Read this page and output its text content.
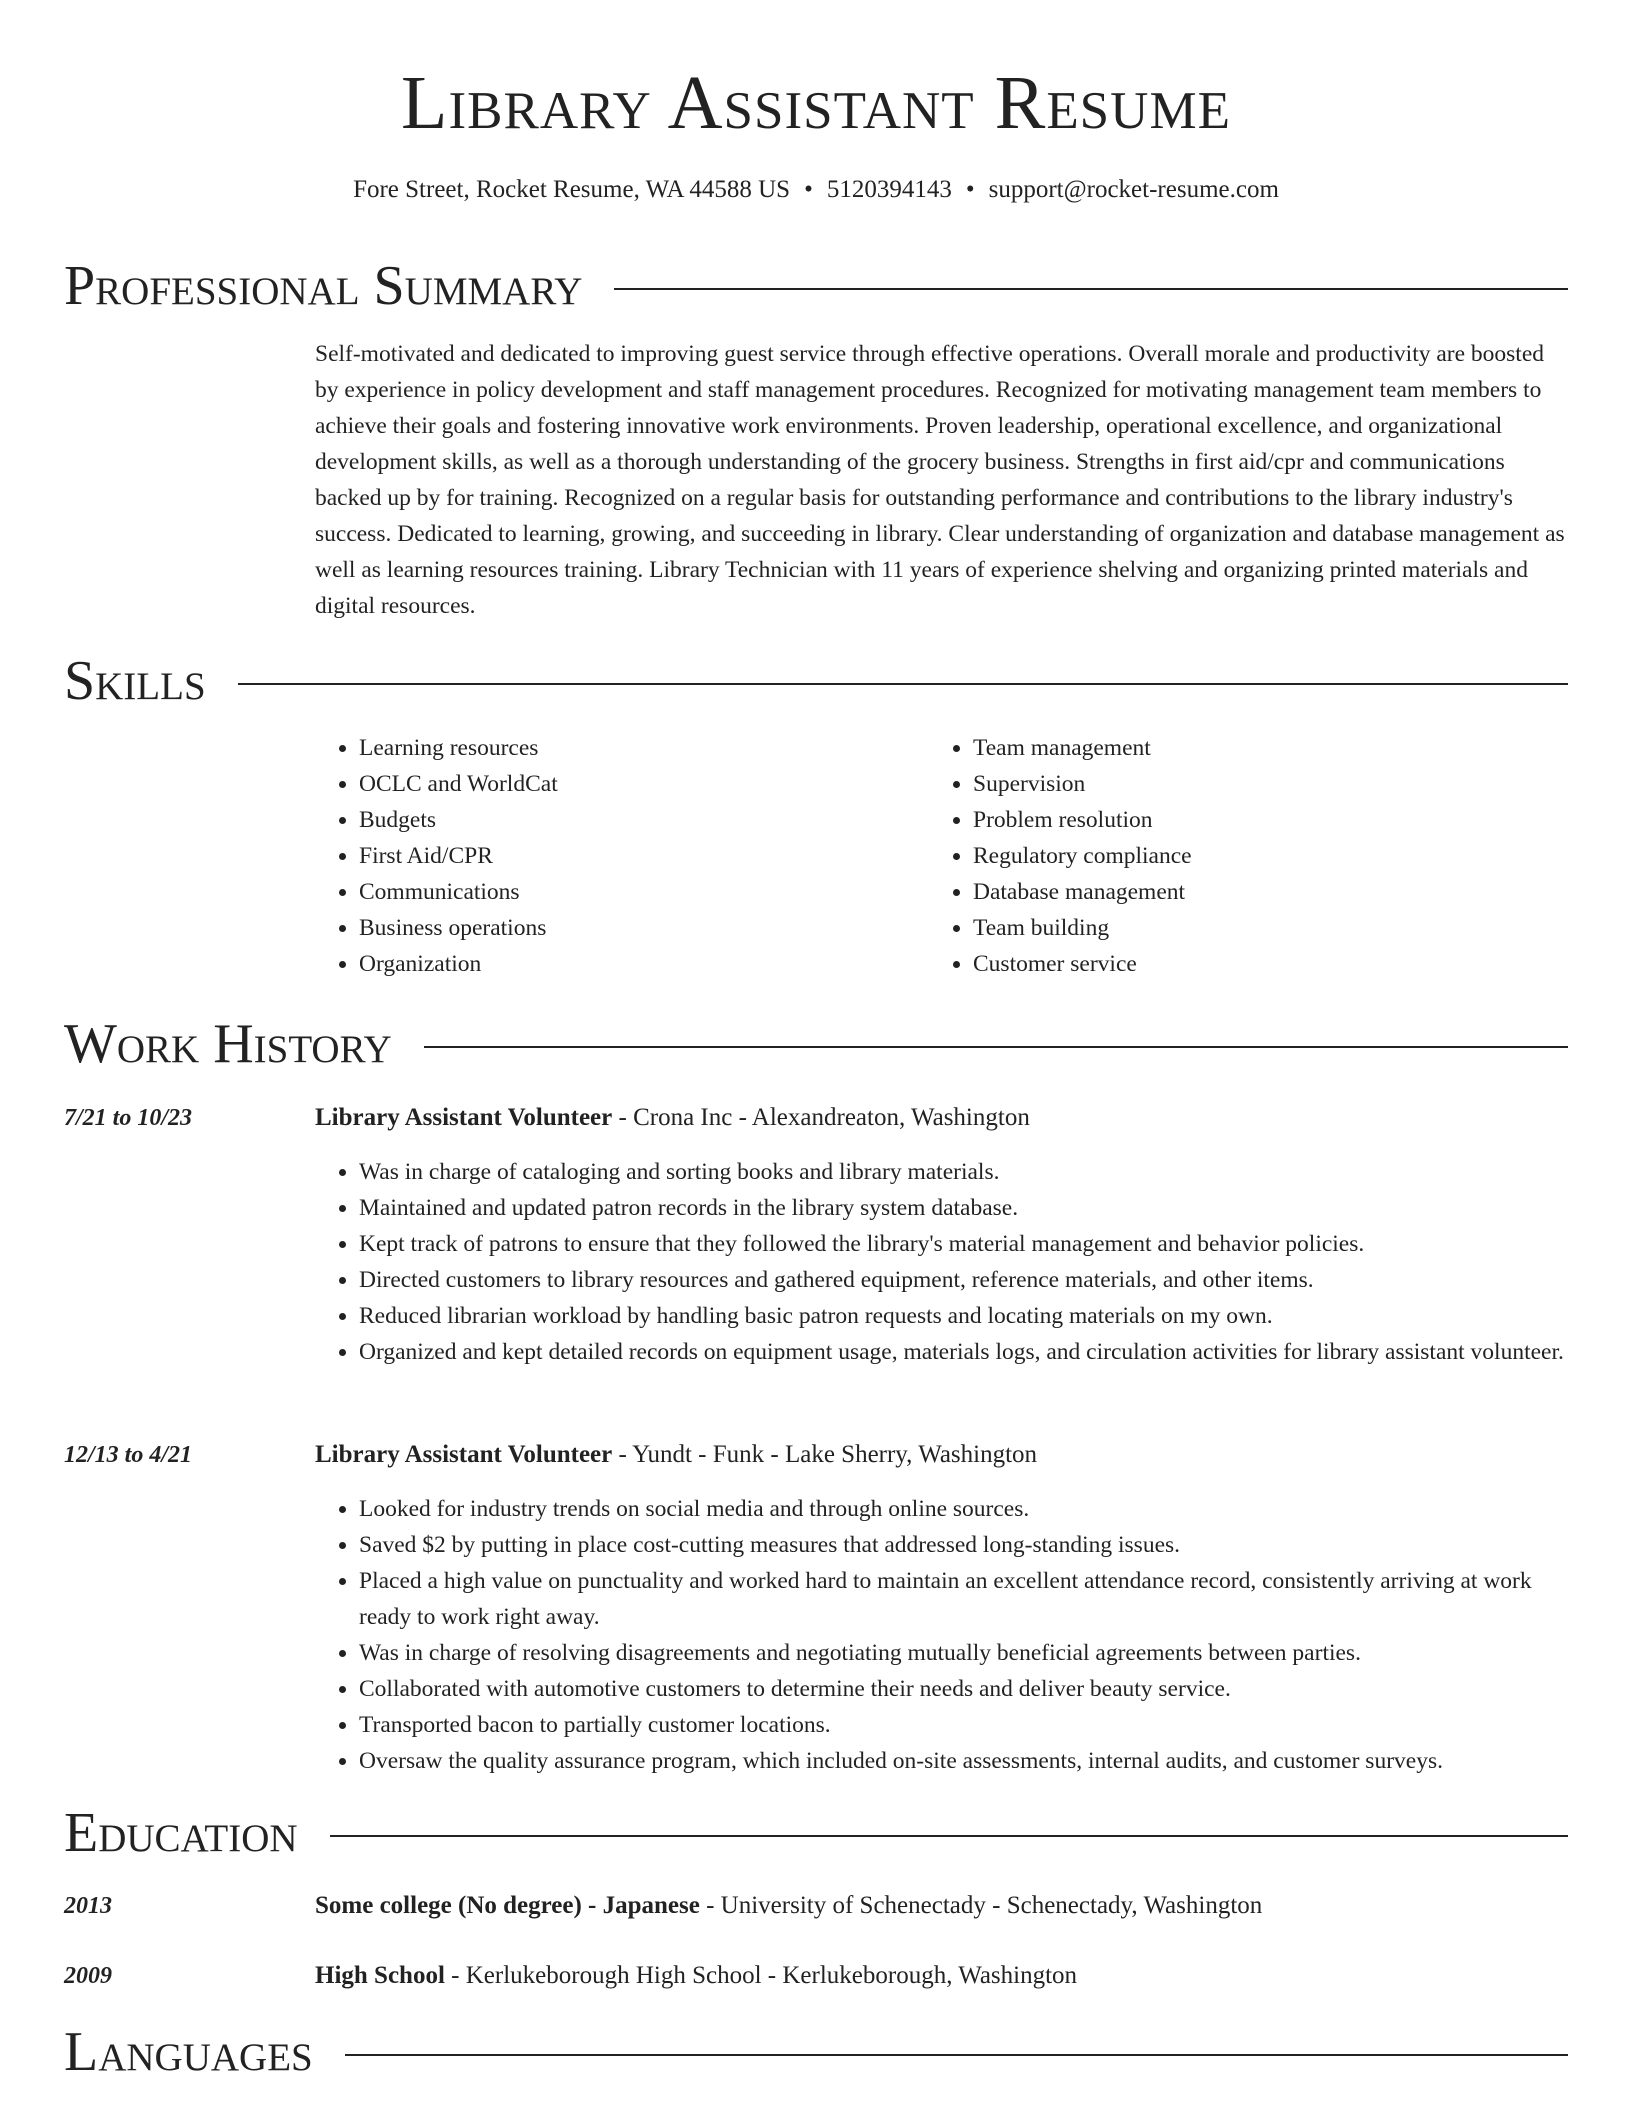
Library Assistant Resume
Fore Street, Rocket Resume, WA 44588 US • 5120394143 • support@rocket-resume.com
Professional Summary
Self-motivated and dedicated to improving guest service through effective operations. Overall morale and productivity are boosted by experience in policy development and staff management procedures. Recognized for motivating management team members to achieve their goals and fostering innovative work environments. Proven leadership, operational excellence, and organizational development skills, as well as a thorough understanding of the grocery business. Strengths in first aid/cpr and communications backed up by for training. Recognized on a regular basis for outstanding performance and contributions to the library industry's success. Dedicated to learning, growing, and succeeding in library. Clear understanding of organization and database management as well as learning resources training. Library Technician with 11 years of experience shelving and organizing printed materials and digital resources.
Skills
• Learning resources
• OCLC and WorldCat
• Budgets
• First Aid/CPR
• Communications
• Business operations
• Organization
• Team management
• Supervision
• Problem resolution
• Regulatory compliance
• Database management
• Team building
• Customer service
Work History
7/21 to 10/23	Library Assistant Volunteer - Crona Inc - Alexandreaton, Washington
• Was in charge of cataloging and sorting books and library materials.
• Maintained and updated patron records in the library system database.
• Kept track of patrons to ensure that they followed the library's material management and behavior policies.
• Directed customers to library resources and gathered equipment, reference materials, and other items.
• Reduced librarian workload by handling basic patron requests and locating materials on my own.
• Organized and kept detailed records on equipment usage, materials logs, and circulation activities for library assistant volunteer.
12/13 to 4/21	Library Assistant Volunteer - Yundt - Funk - Lake Sherry, Washington
• Looked for industry trends on social media and through online sources.
• Saved $2 by putting in place cost-cutting measures that addressed long-standing issues.
• Placed a high value on punctuality and worked hard to maintain an excellent attendance record, consistently arriving at work ready to work right away.
• Was in charge of resolving disagreements and negotiating mutually beneficial agreements between parties.
• Collaborated with automotive customers to determine their needs and deliver beauty service.
• Transported bacon to partially customer locations.
• Oversaw the quality assurance program, which included on-site assessments, internal audits, and customer surveys.
Education
2013	Some college (No degree) - Japanese - University of Schenectady - Schenectady, Washington
2009	High School - Kerlukeborough High School - Kerlukeborough, Washington
Languages
